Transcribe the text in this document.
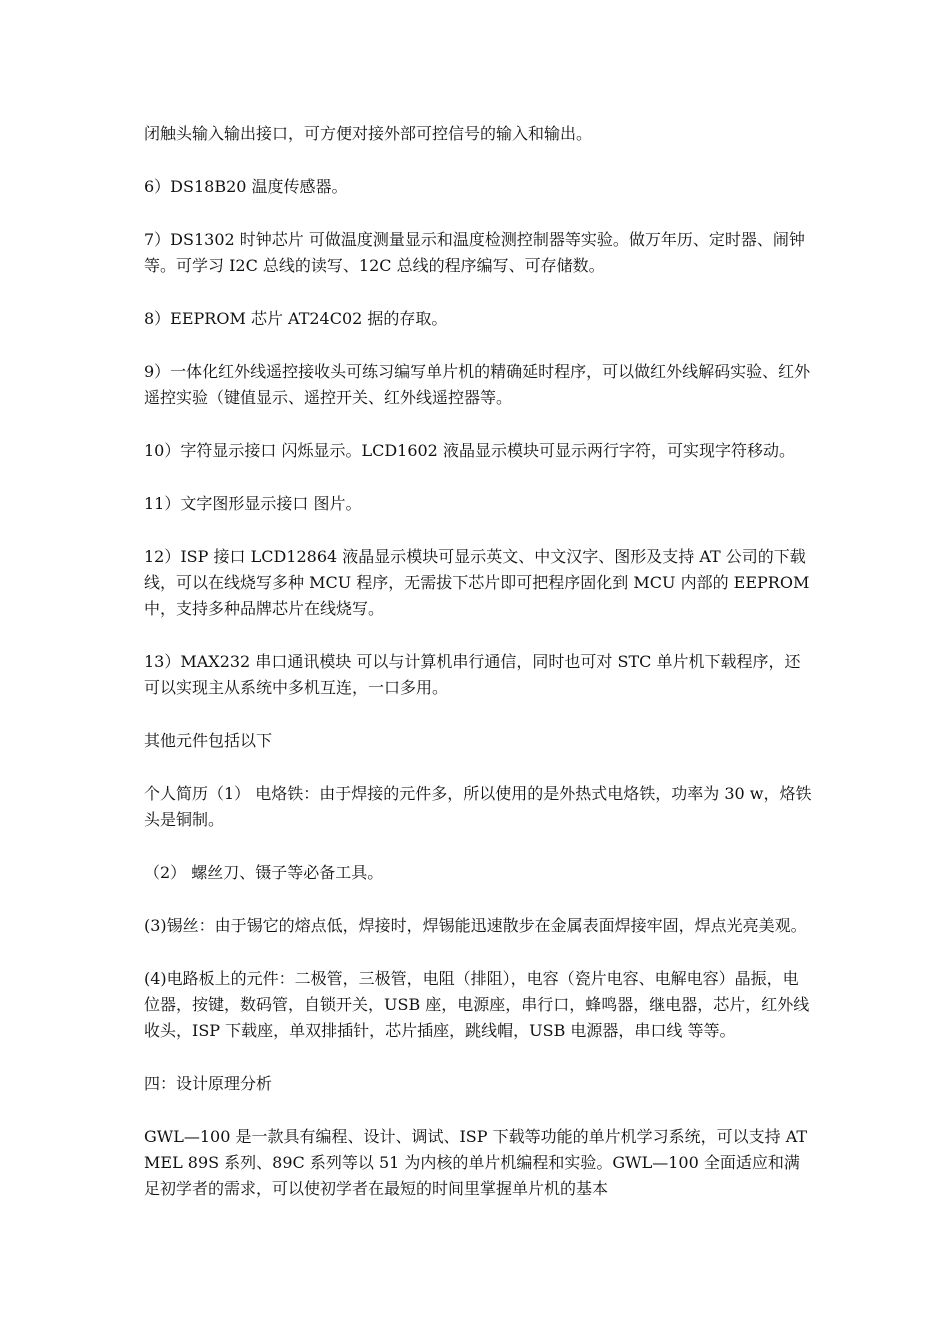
闭触头输入输出接口，可方便对接外部可控信号的输入和输出。

6）DS18B20 温度传感器。

7）DS1302 时钟芯片 可做温度测量显示和温度检测控制器等实验。做万年历、定时器、闹钟等。可学习 I2C 总线的读写、12C 总线的程序编写、可存储数。

8）EEPROM 芯片 AT24C02 据的存取。

9）一体化红外线遥控接收头可练习编写单片机的精确延时程序，可以做红外线解码实验、红外遥控实验（键值显示、遥控开关、红外线遥控器等。

10）字符显示接口 闪烁显示。LCD1602 液晶显示模块可显示两行字符，可实现字符移动。

11）文字图形显示接口 图片。

12）ISP 接口 LCD12864 液晶显示模块可显示英文、中文汉字、图形及支持 AT 公司的下载线，可以在线烧写多种 MCU 程序，无需拔下芯片即可把程序固化到 MCU 内部的 EEPROM 中，支持多种品牌芯片在线烧写。

13）MAX232 串口通讯模块 可以与计算机串行通信，同时也可对 STC 单片机下载程序，还可以实现主从系统中多机互连，一口多用。

其他元件包括以下

个人简历（1） 电烙铁：由于焊接的元件多，所以使用的是外热式电烙铁，功率为 30 w，烙铁头是铜制。

（2） 螺丝刀、镊子等必备工具。

(3)锡丝：由于锡它的熔点低，焊接时，焊锡能迅速散步在金属表面焊接牢固，焊点光亮美观。

(4)电路板上的元件：二极管，三极管，电阻（排阻），电容（瓷片电容、电解电容）晶振，电位器，按键，数码管，自锁开关，USB 座，电源座，串行口，蜂鸣器，继电器，芯片，红外线收头，ISP 下载座，单双排插针，芯片插座，跳线帽，USB 电源器，串口线 等等。

四：设计原理分析

GWL—100 是一款具有编程、设计、调试、ISP 下载等功能的单片机学习系统，可以支持 ATMEL 89S 系列、89C 系列等以 51 为内核的单片机编程和实验。GWL—100 全面适应和满足初学者的需求，可以使初学者在最短的时间里掌握单片机的基本
